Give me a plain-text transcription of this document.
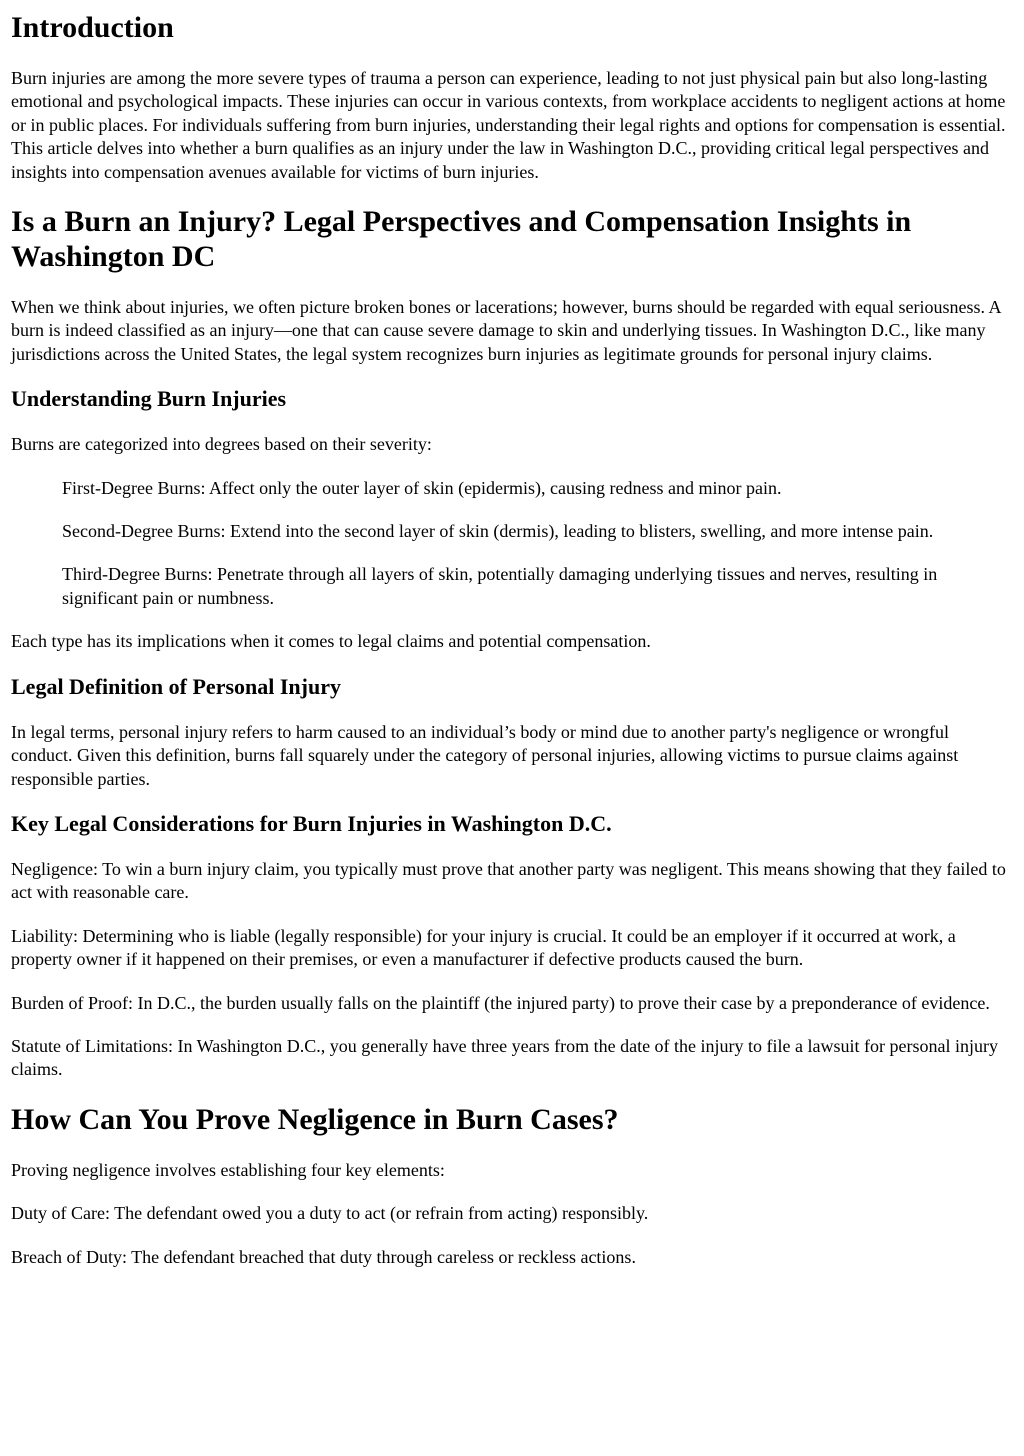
Introduction

Burn injuries are among the more severe types of trauma a person can experience, leading to not just physical pain but also long-lasting emotional and psychological impacts. These injuries can occur in various contexts, from workplace accidents to negligent actions at home or in public places. For individuals suffering from burn injuries, understanding their legal rights and options for compensation is essential. This article delves into whether a burn qualifies as an injury under the law in Washington D.C., providing critical legal perspectives and insights into compensation avenues available for victims of burn injuries.

Is a Burn an Injury? Legal Perspectives and Compensation Insights in Washington DC

When we think about injuries, we often picture broken bones or lacerations; however, burns should be regarded with equal seriousness. A burn is indeed classified as an injury—one that can cause severe damage to skin and underlying tissues. In Washington D.C., like many jurisdictions across the United States, the legal system recognizes burn injuries as legitimate grounds for personal injury claims.

Understanding Burn Injuries

Burns are categorized into degrees based on their severity:

First-Degree Burns: Affect only the outer layer of skin (epidermis), causing redness and minor pain.

Second-Degree Burns: Extend into the second layer of skin (dermis), leading to blisters, swelling, and more intense pain.

Third-Degree Burns: Penetrate through all layers of skin, potentially damaging underlying tissues and nerves, resulting in significant pain or numbness.

Each type has its implications when it comes to legal claims and potential compensation.

Legal Definition of Personal Injury

In legal terms, personal injury refers to harm caused to an individual’s body or mind due to another party's negligence or wrongful conduct. Given this definition, burns fall squarely under the category of personal injuries, allowing victims to pursue claims against responsible parties.

Key Legal Considerations for Burn Injuries in Washington D.C.

Negligence: To win a burn injury claim, you typically must prove that another party was negligent. This means showing that they failed to act with reasonable care.

Liability: Determining who is liable (legally responsible) for your injury is crucial. It could be an employer if it occurred at work, a property owner if it happened on their premises, or even a manufacturer if defective products caused the burn.

Burden of Proof: In D.C., the burden usually falls on the plaintiff (the injured party) to prove their case by a preponderance of evidence.

Statute of Limitations: In Washington D.C., you generally have three years from the date of the injury to file a lawsuit for personal injury claims.

How Can You Prove Negligence in Burn Cases?

Proving negligence involves establishing four key elements:

Duty of Care: The defendant owed you a duty to act (or refrain from acting) responsibly.

Breach of Duty: The defendant breached that duty through careless or reckless actions.
